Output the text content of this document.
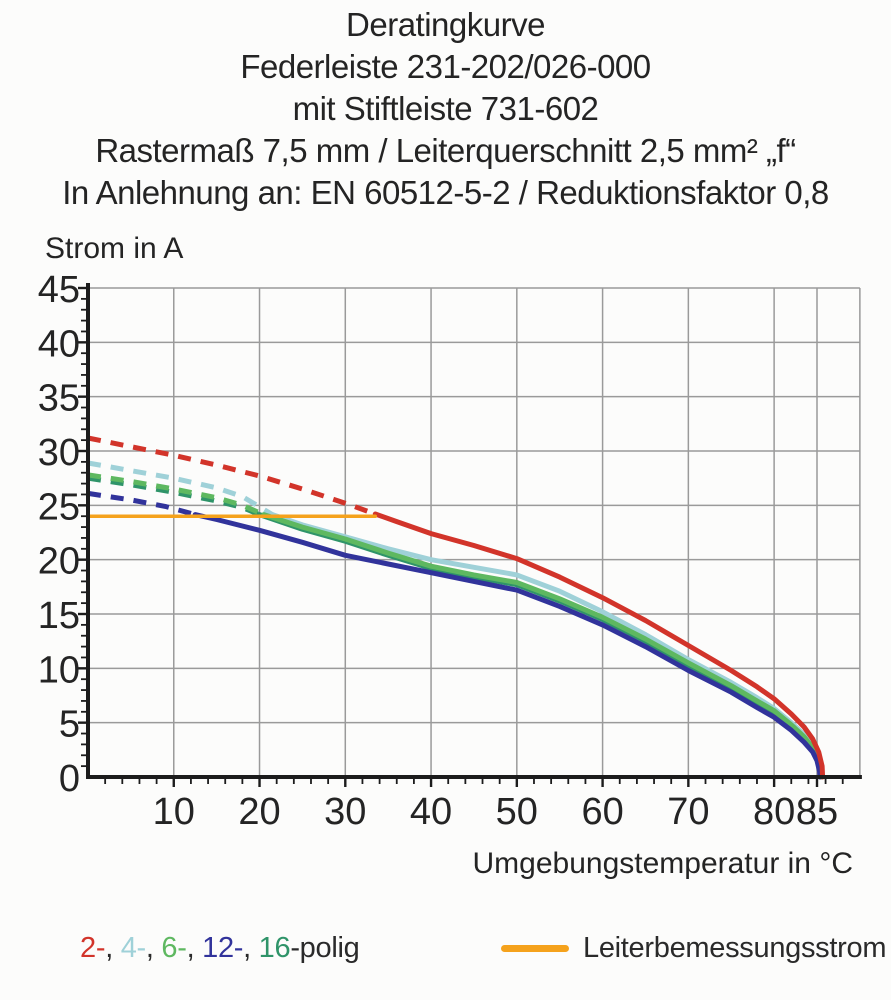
Deratingkurve
Federleiste 231-202/026-000
mit Stiftleiste 731-602
Rastermaß 7,5 mm / Leiterquerschnitt 2,5 mm² „f“
In Anlehnung an: EN 60512-5-2 / Reduktionsfaktor 0,8
Strom in A
10 20 30 40 50 60 70 80 85
0
5
10
15
20
25
30
35
40
45
Umgebungstemperatur in °C
2-, 4-, 6-, 12-, 16-polig	Leiterbemessungsstrom
